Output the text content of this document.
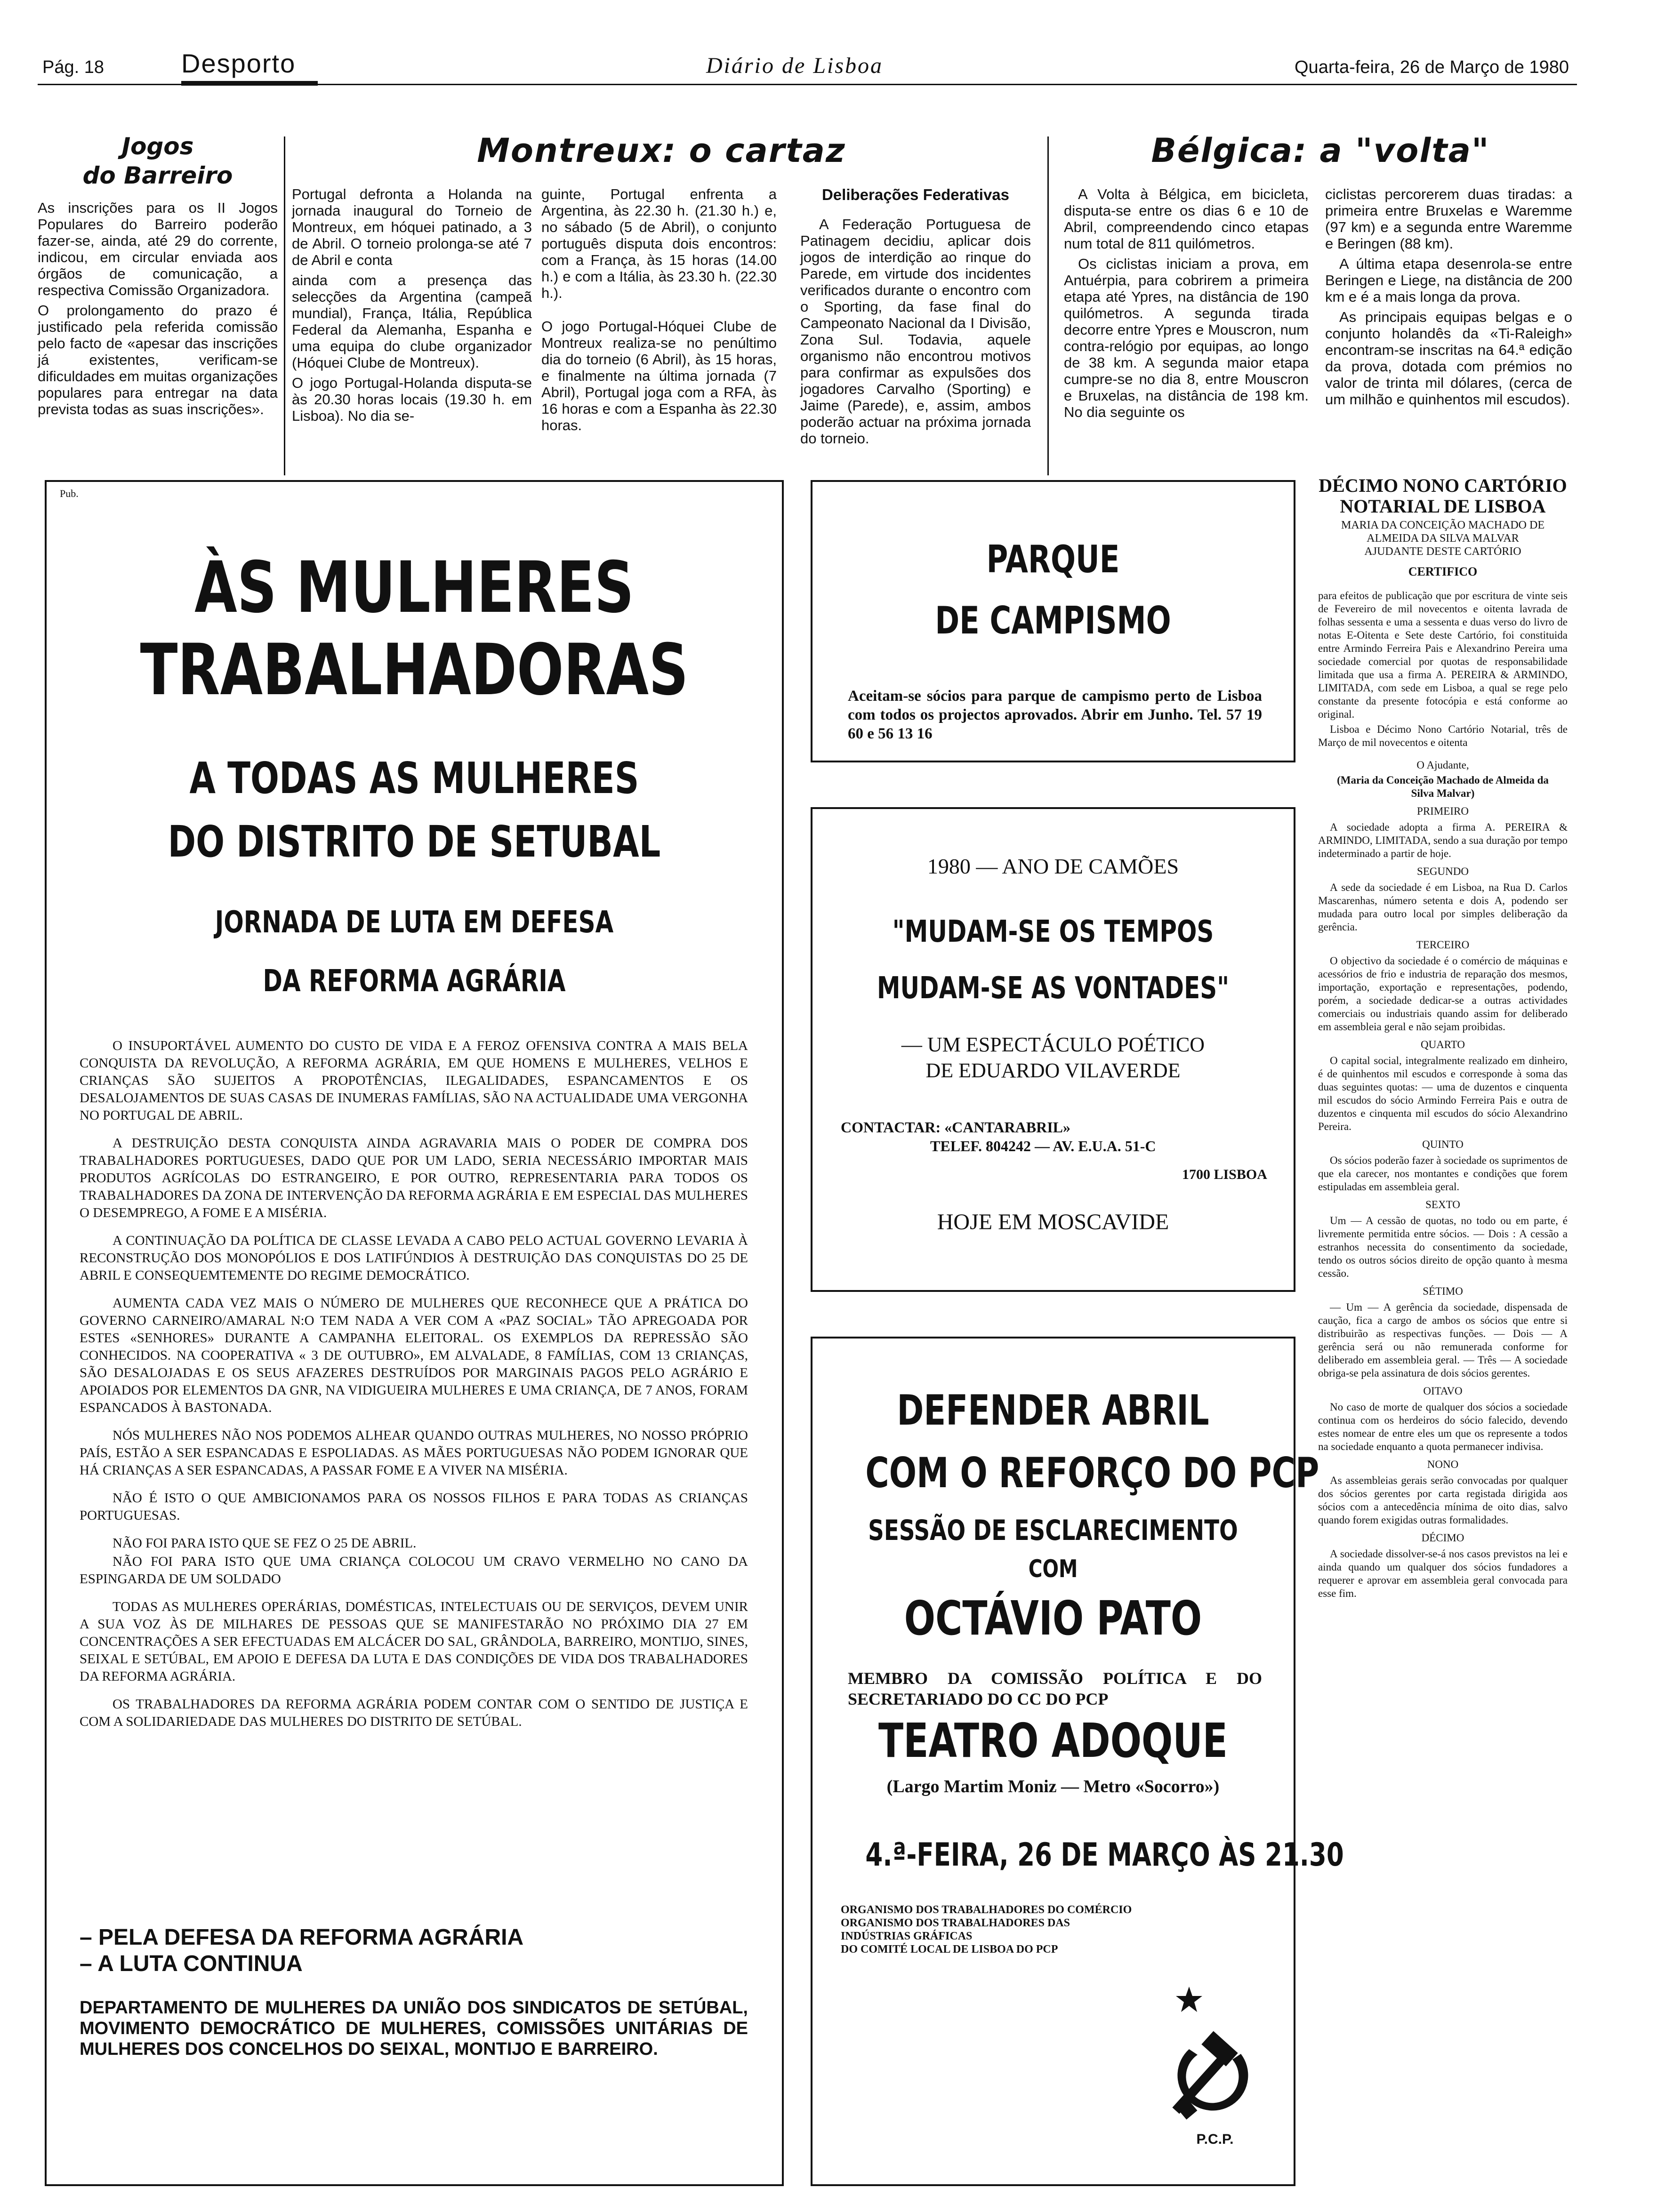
Pág. 18	Desporto	Diário de Lisboa	Quarta-feira, 26 de Março de 1980
Jogos
do Barreiro

As inscrições para os II Jogos Populares do Barreiro poderão fazer-se, ainda, até 29 do corrente, indicou, em circular enviada aos órgãos de comunicação, a respectiva Comissão Organizadora.

O prolongamento do prazo é justificado pela referida comissão pelo facto de «apesar das inscrições já existentes, verificam-se dificuldades em muitas organizações populares para entregar na data prevista todas as suas inscrições».

Montreux: o cartaz

Portugal defronta a Holanda na jornada inaugural do Torneio de Montreux, em hóquei patinado, a 3 de Abril. O torneio prolonga-se até 7 de Abril e conta

ainda com a presença das selecções da Argentina (campeã mundial), França, Itália, República Federal da Alemanha, Espanha e uma equipa do clube organizador (Hóquei Clube de Montreux).

O jogo Portugal-Holanda disputa-se às 20.30 horas locais (19.30 h. em Lisboa). No dia se-

guinte, Portugal enfrenta a Argentina, às 22.30 h. (21.30 h.) e, no sábado (5 de Abril), o conjunto português disputa dois encontros: com a França, às 15 horas (14.00 h.) e com a Itália, às 23.30 h. (22.30 h.).

O jogo Portugal-Hóquei Clube de Montreux realiza-se no penúltimo dia do torneio (6 Abril), às 15 horas, e finalmente na última jornada (7 Abril), Portugal joga com a RFA, às 16 horas e com a Espanha às 22.30 horas.

Deliberações Federativas

A Federação Portuguesa de Patinagem decidiu, aplicar dois jogos de interdição ao rinque do Parede, em virtude dos incidentes verificados durante o encontro com o Sporting, da fase final do Campeonato Nacional da I Divisão, Zona Sul. Todavia, aquele organismo não encontrou motivos para confirmar as expulsões dos jogadores Carvalho (Sporting) e Jaime (Parede), e, assim, ambos poderão actuar na próxima jornada do torneio.

Bélgica: a "volta"

A Volta à Bélgica, em bicicleta, disputa-se entre os dias 6 e 10 de Abril, compreendendo cinco etapas num total de 811 quilómetros.

Os ciclistas iniciam a prova, em Antuérpia, para cobrirem a primeira etapa até Ypres, na distância de 190 quilómetros. A segunda tirada decorre entre Ypres e Mouscron, num contra-relógio por equipas, ao longo de 38 km. A segunda maior etapa cumpre-se no dia 8, entre Mouscron e Bruxelas, na distância de 198 km. No dia seguinte os

ciclistas percorerem duas tiradas: a primeira entre Bruxelas e Waremme (97 km) e a segunda entre Waremme e Beringen (88 km).

A última etapa desenrola-se entre Beringen e Liege, na distância de 200 km e é a mais longa da prova.

As principais equipas belgas e o conjunto holandês da «Ti-Raleigh» encontram-se inscritas na 64.ª edição da prova, dotada com prémios no valor de trinta mil dólares, (cerca de um milhão e quinhentos mil escudos).

Pub.
ÀS MULHERES
TRABALHADORAS
A TODAS AS MULHERES
DO DISTRITO DE SETUBAL
JORNADA DE LUTA EM DEFESA
DA REFORMA AGRÁRIA

O INSUPORTÁVEL AUMENTO DO CUSTO DE VIDA E A FEROZ OFENSIVA CONTRA A MAIS BELA CONQUISTA DA REVOLUÇÃO, A REFORMA AGRÁRIA, EM QUE HOMENS E MULHERES, VELHOS E CRIANÇAS SÃO SUJEITOS A PROPOTÊNCIAS, ILEGALIDADES, ESPANCAMENTOS E OS DESALOJAMENTOS DE SUAS CASAS DE INUMERAS FAMÍLIAS, SÃO NA ACTUALIDADE UMA VERGONHA NO PORTUGAL DE ABRIL.

A DESTRUIÇÃO DESTA CONQUISTA AINDA AGRAVARIA MAIS O PODER DE COMPRA DOS TRABALHADORES PORTUGUESES, DADO QUE POR UM LADO, SERIA NECESSÁRIO IMPORTAR MAIS PRODUTOS AGRÍCOLAS DO ESTRANGEIRO, E POR OUTRO, REPRESENTARIA PARA TODOS OS TRABALHADORES DA ZONA DE INTERVENÇÃO DA REFORMA AGRÁRIA E EM ESPECIAL DAS MULHERES O DESEMPREGO, A FOME E A MISÉRIA.

A CONTINUAÇÃO DA POLÍTICA DE CLASSE LEVADA A CABO PELO ACTUAL GOVERNO LEVARIA À RECONSTRUÇÃO DOS MONOPÓLIOS E DOS LATIFÚNDIOS À DESTRUIÇÃO DAS CONQUISTAS DO 25 DE ABRIL E CONSEQUEMTEMENTE DO REGIME DEMOCRÁTICO.

AUMENTA CADA VEZ MAIS O NÚMERO DE MULHERES QUE RECONHECE QUE A PRÁTICA DO GOVERNO CARNEIRO/AMARAL N:O TEM NADA A VER COM A «PAZ SOCIAL» TÃO APREGOADA POR ESTES «SENHORES» DURANTE A CAMPANHA ELEITORAL. OS EXEMPLOS DA REPRESSÃO SÃO CONHECIDOS. NA COOPERATIVA « 3 DE OUTUBRO», EM ALVALADE, 8 FAMÍLIAS, COM 13 CRIANÇAS, SÃO DESALOJADAS E OS SEUS AFAZERES DESTRUÍDOS POR MARGINAIS PAGOS PELO AGRÁRIO E APOIADOS POR ELEMENTOS DA GNR, NA VIDIGUEIRA MULHERES E UMA CRIANÇA, DE 7 ANOS, FORAM ESPANCADOS À BASTONADA.

NÓS MULHERES NÃO NOS PODEMOS ALHEAR QUANDO OUTRAS MULHERES, NO NOSSO PRÓPRIO PAÍS, ESTÃO A SER ESPANCADAS E ESPOLIADAS. AS MÃES PORTUGUESAS NÃO PODEM IGNORAR QUE HÁ CRIANÇAS A SER ESPANCADAS, A PASSAR FOME E A VIVER NA MISÉRIA.

NÃO É ISTO O QUE AMBICIONAMOS PARA OS NOSSOS FILHOS E PARA TODAS AS CRIANÇAS PORTUGUESAS.

NÃO FOI PARA ISTO QUE SE FEZ O 25 DE ABRIL.

NÃO FOI PARA ISTO QUE UMA CRIANÇA COLOCOU UM CRAVO VERMELHO NO CANO DA ESPINGARDA DE UM SOLDADO

TODAS AS MULHERES OPERÁRIAS, DOMÉSTICAS, INTELECTUAIS OU DE SERVIÇOS, DEVEM UNIR A SUA VOZ ÀS DE MILHARES DE PESSOAS QUE SE MANIFESTARÃO NO PRÓXIMO DIA 27 EM CONCENTRAÇÕES A SER EFECTUADAS EM ALCÁCER DO SAL, GRÂNDOLA, BARREIRO, MONTIJO, SINES, SEIXAL E SETÚBAL, EM APOIO E DEFESA DA LUTA E DAS CONDIÇÕES DE VIDA DOS TRABALHADORES DA REFORMA AGRÁRIA.

OS TRABALHADORES DA REFORMA AGRÁRIA PODEM CONTAR COM O SENTIDO DE JUSTIÇA E COM A SOLIDARIEDADE DAS MULHERES DO DISTRITO DE SETÚBAL.

– PELA DEFESA DA REFORMA AGRÁRIA
– A LUTA CONTINUA
DEPARTAMENTO DE MULHERES DA UNIÃO DOS SINDICATOS DE SETÚBAL, MOVIMENTO DEMOCRÁTICO DE MULHERES, COMISSÕES UNITÁRIAS DE MULHERES DOS CONCELHOS DO SEIXAL, MONTIJO E BARREIRO.
PARQUE
DE CAMPISMO
Aceitam-se sócios para parque de campismo perto de Lisboa com todos os projectos aprovados. Abrir em Junho. Tel. 57 19 60 e 56 13 16
1980 — ANO DE CAMÕES
"MUDAM-SE OS TEMPOS
MUDAM-SE AS VONTADES"
— UM ESPECTÁCULO POÉTICO
DE EDUARDO VILAVERDE
CONTACTAR: «CANTARABRIL»
TELEF. 804242 — AV. E.U.A. 51-C
1700 LISBOA
HOJE EM MOSCAVIDE
DEFENDER ABRIL
COM O REFORÇO DO PCP
SESSÃO DE ESCLARECIMENTO
COM
OCTÁVIO PATO
MEMBRO DA COMISSÃO POLÍTICA E DO SECRETARIADO DO CC DO PCP
TEATRO ADOQUE
(Largo Martim Moniz — Metro «Socorro»)
4.ª-FEIRA, 26 DE MARÇO ÀS 21.30
ORGANISMO DOS TRABALHADORES DO COMÉRCIO
ORGANISMO DOS TRABALHADORES DAS INDÚSTRIAS GRÁFICAS
DO COMITÉ LOCAL DE LISBOA DO PCP
P.C.P.
DÉCIMO NONO CARTÓRIO NOTARIAL DE LISBOA
MARIA DA CONCEIÇÃO MACHADO DE ALMEIDA DA SILVA MALVAR
AJUDANTE DESTE CARTÓRIO
CERTIFICO

para efeitos de publicação que por escritura de vinte seis de Fevereiro de mil novecentos e oitenta lavrada de folhas sessenta e uma a sessenta e duas verso do livro de notas E-Oitenta e Sete deste Cartório, foi constituida entre Armindo Ferreira Pais e Alexandrino Pereira uma sociedade comercial por quotas de responsabilidade limitada que usa a firma A. PEREIRA & ARMINDO, LIMITADA, com sede em Lisboa, a qual se rege pelo constante da presente fotocópia e está conforme ao original.

Lisboa e Décimo Nono Cartório Notarial, três de Março de mil novecentos e oitenta

O Ajudante,

(Maria da Conceição Machado de Almeida da Silva Malvar)

PRIMEIRO

A sociedade adopta a firma A. PEREIRA & ARMINDO, LIMITADA, sendo a sua duração por tempo indeterminado a partir de hoje.

SEGUNDO

A sede da sociedade é em Lisboa, na Rua D. Carlos Mascarenhas, número setenta e dois A, podendo ser mudada para outro local por simples deliberação da gerência.

TERCEIRO

O objectivo da sociedade é o comércio de máquinas e acessórios de frio e industria de reparação dos mesmos, importação, exportação e representações, podendo, porém, a sociedade dedicar-se a outras actividades comerciais ou industriais quando assim for deliberado em assembleia geral e não sejam proibidas.

QUARTO

O capital social, integralmente realizado em dinheiro, é de quinhentos mil escudos e corresponde à soma das duas seguintes quotas: — uma de duzentos e cinquenta mil escudos do sócio Armindo Ferreira Pais e outra de duzentos e cinquenta mil escudos do sócio Alexandrino Pereira.

QUINTO

Os sócios poderão fazer à sociedade os suprimentos de que ela carecer, nos montantes e condições que forem estipuladas em assembleia geral.

SEXTO

Um — A cessão de quotas, no todo ou em parte, é livremente permitida entre sócios. — Dois : A cessão a estranhos necessita do consentimento da sociedade, tendo os outros sócios direito de opção quanto à mesma cessão.

SÉTIMO

— Um — A gerência da sociedade, dispensada de caução, fica a cargo de ambos os sócios que entre si distribuirão as respectivas funções. — Dois — A gerência será ou não remunerada conforme for deliberado em assembleia geral. — Três — A sociedade obriga-se pela assinatura de dois sócios gerentes.

OITAVO

No caso de morte de qualquer dos sócios a sociedade continua com os herdeiros do sócio falecido, devendo estes nomear de entre eles um que os represente a todos na sociedade enquanto a quota permanecer indivisa.

NONO

As assembleias gerais serão convocadas por qualquer dos sócios gerentes por carta registada dirigida aos sócios com a antecedência mínima de oito dias, salvo quando forem exigidas outras formalidades.

DÉCIMO

A sociedade dissolver-se-á nos casos previstos na lei e ainda quando um qualquer dos sócios fundadores a requerer e aprovar em assembleia geral convocada para esse fim.
